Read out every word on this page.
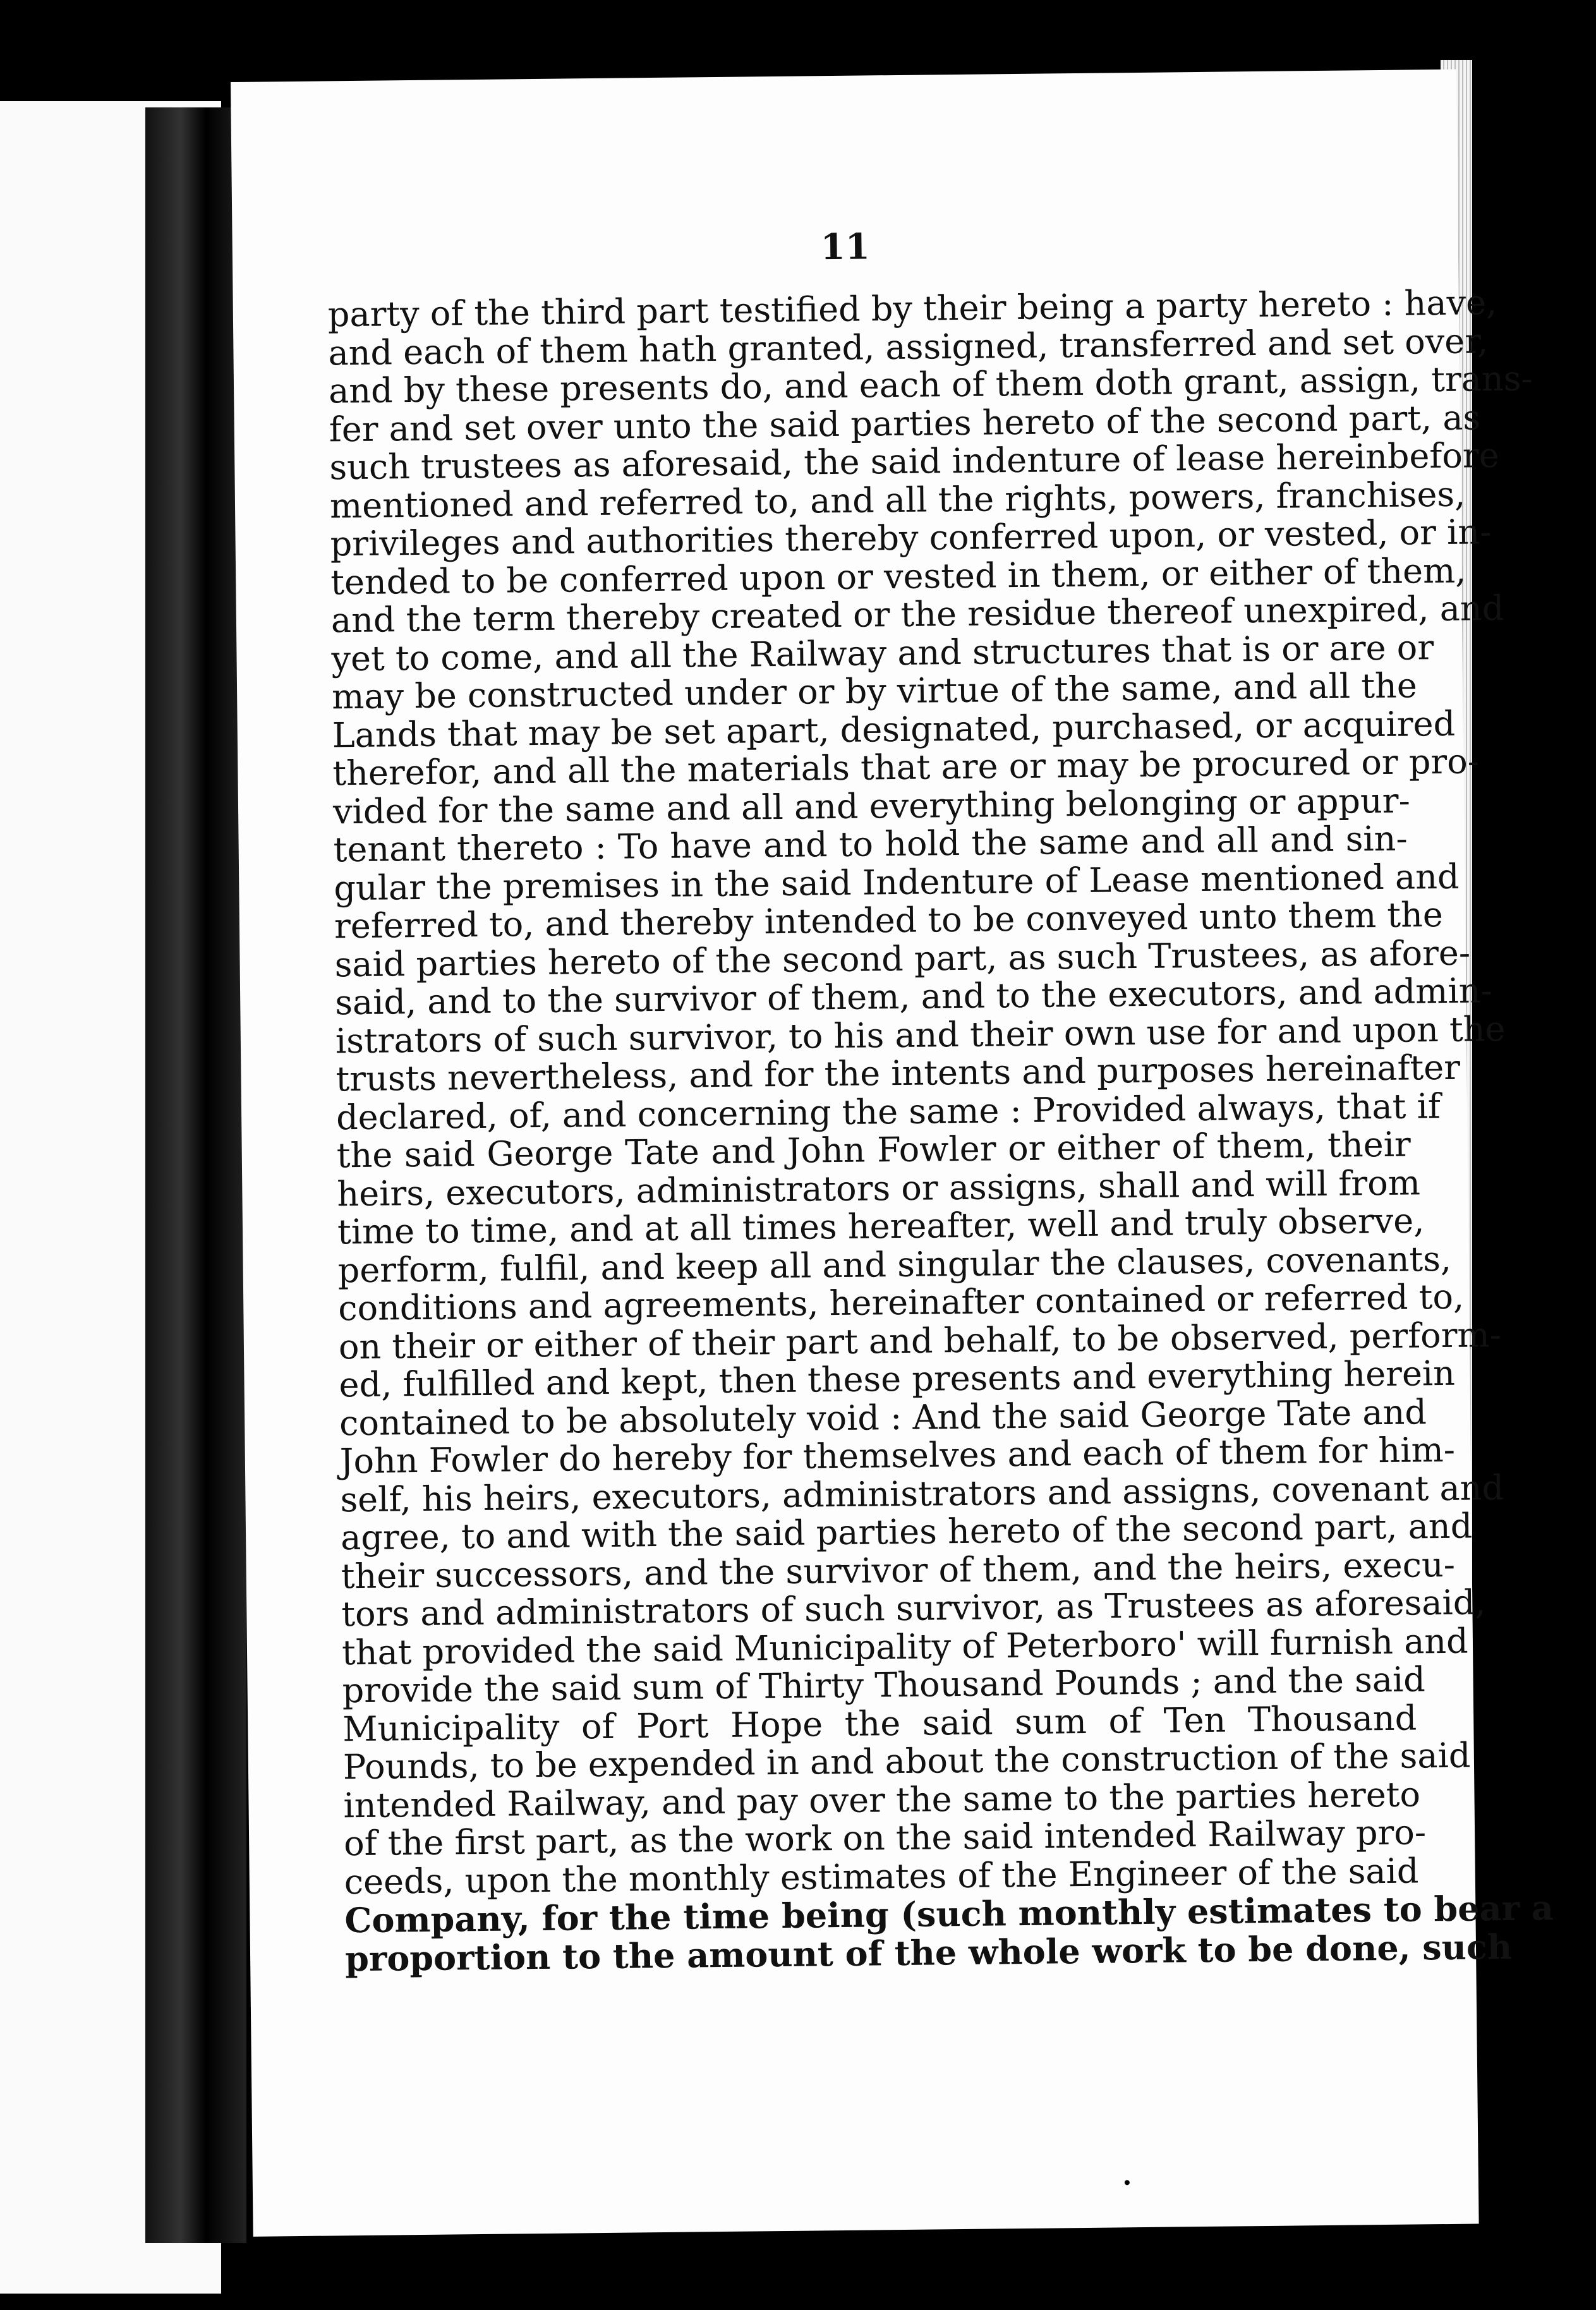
11
party of the third part testified by their being a party hereto : have,
and each of them hath granted, assigned, transferred and set over,
and by these presents do, and each of them doth grant, assign, trans-
fer and set over unto the said parties hereto of the second part, as
such trustees as aforesaid, the said indenture of lease hereinbefore
mentioned and referred to, and all the rights, powers, franchises,
privileges and authorities thereby conferred upon, or vested, or in-
tended to be conferred upon or vested in them, or either of them,
and the term thereby created or the residue thereof unexpired, and
yet to come, and all the Railway and structures that is or are or
may be constructed under or by virtue of the same, and all the
Lands that may be set apart, designated, purchased, or acquired
therefor, and all the materials that are or may be procured or pro-
vided for the same and all and everything belonging or appur-
tenant thereto : To have and to hold the same and all and sin-
gular the premises in the said Indenture of Lease mentioned and
referred to, and thereby intended to be conveyed unto them the
said parties hereto of the second part, as such Trustees, as afore-
said, and to the survivor of them, and to the executors, and admin-
istrators of such survivor, to his and their own use for and upon the
trusts nevertheless, and for the intents and purposes hereinafter
declared, of, and concerning the same : Provided always, that if
the said George Tate and John Fowler or either of them, their
heirs, executors, administrators or assigns, shall and will from
time to time, and at all times hereafter, well and truly observe,
perform, fulfil, and keep all and singular the clauses, covenants,
conditions and agreements, hereinafter contained or referred to,
on their or either of their part and behalf, to be observed, perform-
ed, fulfilled and kept, then these presents and everything herein
contained to be absolutely void : And the said George Tate and
John Fowler do hereby for themselves and each of them for him-
self, his heirs, executors, administrators and assigns, covenant and
agree, to and with the said parties hereto of the second part, and
their successors, and the survivor of them, and the heirs, execu-
tors and administrators of such survivor, as Trustees as aforesaid,
that provided the said Municipality of Peterboro' will furnish and
provide the said sum of Thirty Thousand Pounds ; and the said
Municipality of Port Hope the said sum of Ten Thousand
Pounds, to be expended in and about the construction of the said
intended Railway, and pay over the same to the parties hereto
of the first part, as the work on the said intended Railway pro-
ceeds, upon the monthly estimates of the Engineer of the said
Company, for the time being (such monthly estimates to bear a
proportion to the amount of the whole work to be done, such
